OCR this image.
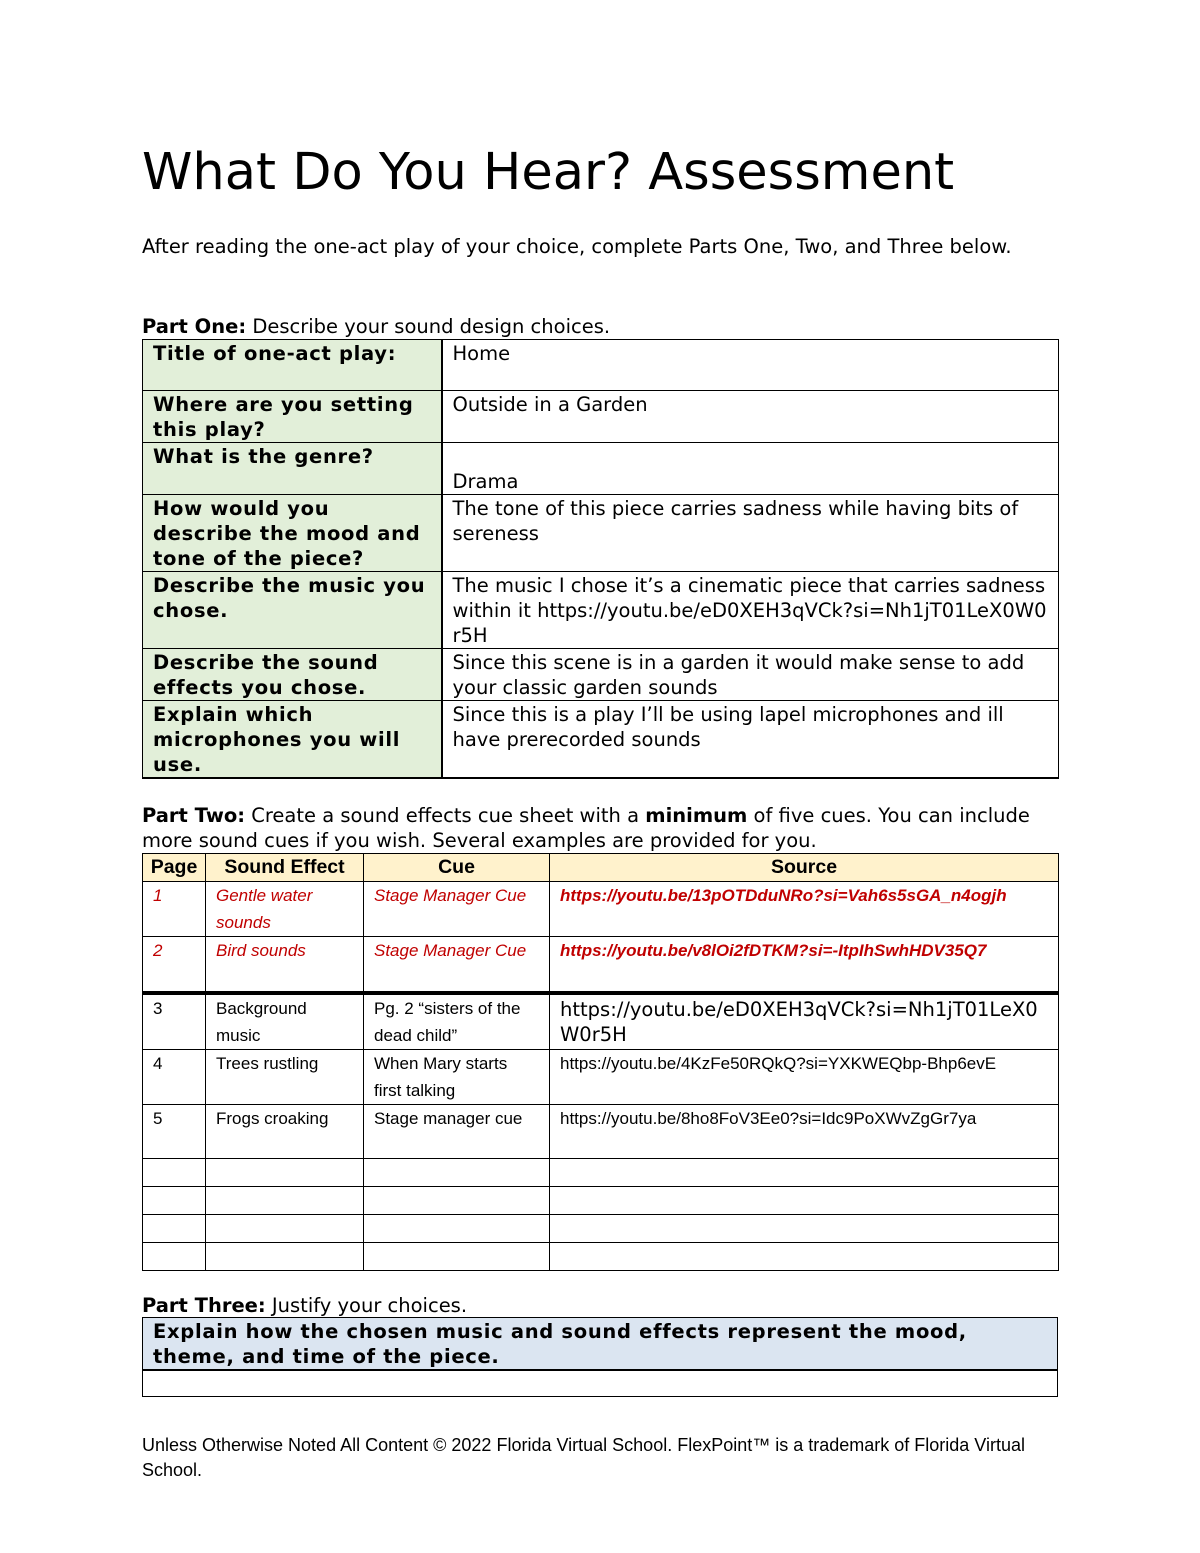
What Do You Hear? Assessment
After reading the one-act play of your choice, complete Parts One, Two, and Three below.
Part One: Describe your sound design choices.
Title of one-act play:	Home
Where are you setting this play?	Outside in a Garden
What is the genre?	Drama
How would you describe the mood and tone of the piece?	The tone of this piece carries sadness while having bits of sereness
Describe the music you chose.	The music I chose it’s a cinematic piece that carries sadness within it https://youtu.be/eD0XEH3qVCk?si=Nh1jT01LeX0W0r5H
Describe the sound effects you chose.	Since this scene is in a garden it would make sense to add your classic garden sounds
Explain which microphones you will use.	Since this is a play I’ll be using lapel microphones and ill have prerecorded sounds
Part Two: Create a sound effects cue sheet with a minimum of five cues. You can include more sound cues if you wish. Several examples are provided for you.
Page	Sound Effect	Cue	Source
1	Gentle water sounds	Stage Manager Cue	https://youtu.be/13pOTDduNRo?si=Vah6s5sGA_n4ogjh
2	Bird sounds	Stage Manager Cue	https://youtu.be/v8lOi2fDTKM?si=-ItpIhSwhHDV35Q7
3	Background music	Pg. 2 “sisters of the dead child”	https://youtu.be/eD0XEH3qVCk?si=Nh1jT01LeX0W0r5H
4	Trees rustling	When Mary starts first talking	https://youtu.be/4KzFe50RQkQ?si=YXKWEQbp-Bhp6evE
5	Frogs croaking	Stage manager cue	https://youtu.be/8ho8FoV3Ee0?si=Idc9PoXWvZgGr7ya

Part Three: Justify your choices.
Explain how the chosen music and sound effects represent the mood, theme, and time of the piece.

Unless Otherwise Noted All Content © 2022 Florida Virtual School. FlexPoint™ is a trademark of Florida Virtual School.
